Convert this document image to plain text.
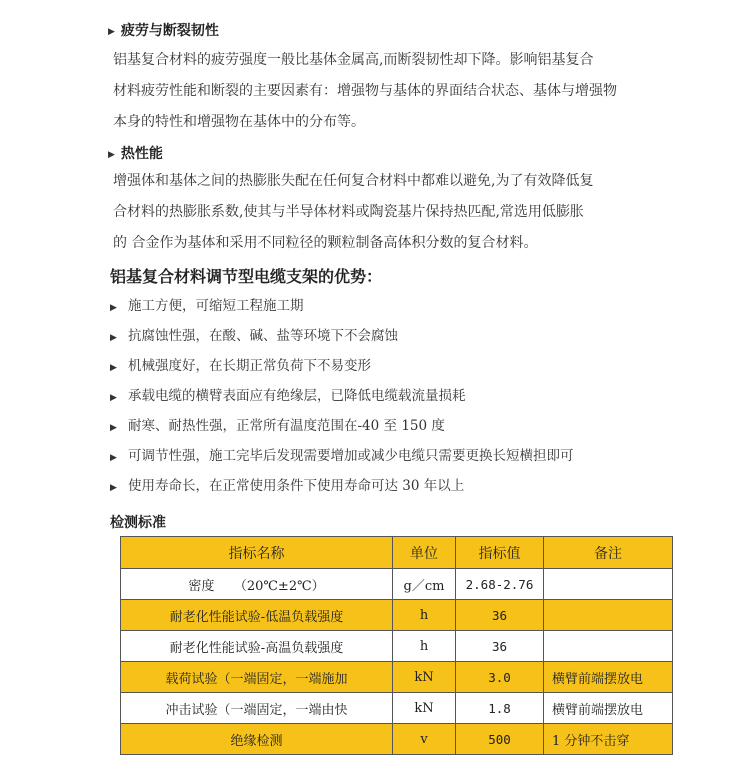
▶ 疲劳与断裂韧性

铝基复合材料的疲劳强度一般比基体金属高,而断裂韧性却下降。影响铝基复合
材料疲劳性能和断裂的主要因素有：增强物与基体的界面结合状态、基体与增强物
本身的特性和增强物在基体中的分布等。

▶ 热性能

增强体和基体之间的热膨胀失配在任何复合材料中都难以避免,为了有效降低复
合材料的热膨胀系数,使其与半导体材料或陶瓷基片保持热匹配,常选用低膨胀
的 合金作为基体和采用不同粒径的颗粒制备高体积分数的复合材料。

铝基复合材料调节型电缆支架的优势：
▶ 施工方便，可缩短工程施工期
▶ 抗腐蚀性强，在酸、碱、盐等环境下不会腐蚀
▶ 机械强度好，在长期正常负荷下不易变形
▶ 承载电缆的横臂表面应有绝缘层，已降低电缆载流量损耗
▶ 耐寒、耐热性强，正常所有温度范围在-40 至 150 度
▶ 可调节性强，施工完毕后发现需要增加或减少电缆只需要更换长短横担即可
▶ 使用寿命长，在正常使用条件下使用寿命可达 30 年以上
检测标准
指标名称	单位	指标值	备注
密度　　（20℃±2℃）	g／cm	2.68-2.76	
耐老化性能试验-低温负载强度	h	36	
耐老化性能试验-高温负载强度	h	36	
载荷试验（一端固定，一端施加	kN	3.0	横臂前端摆放电
冲击试验（一端固定，一端由快	kN	1.8	横臂前端摆放电
绝缘检测	v	500	1 分钟不击穿
